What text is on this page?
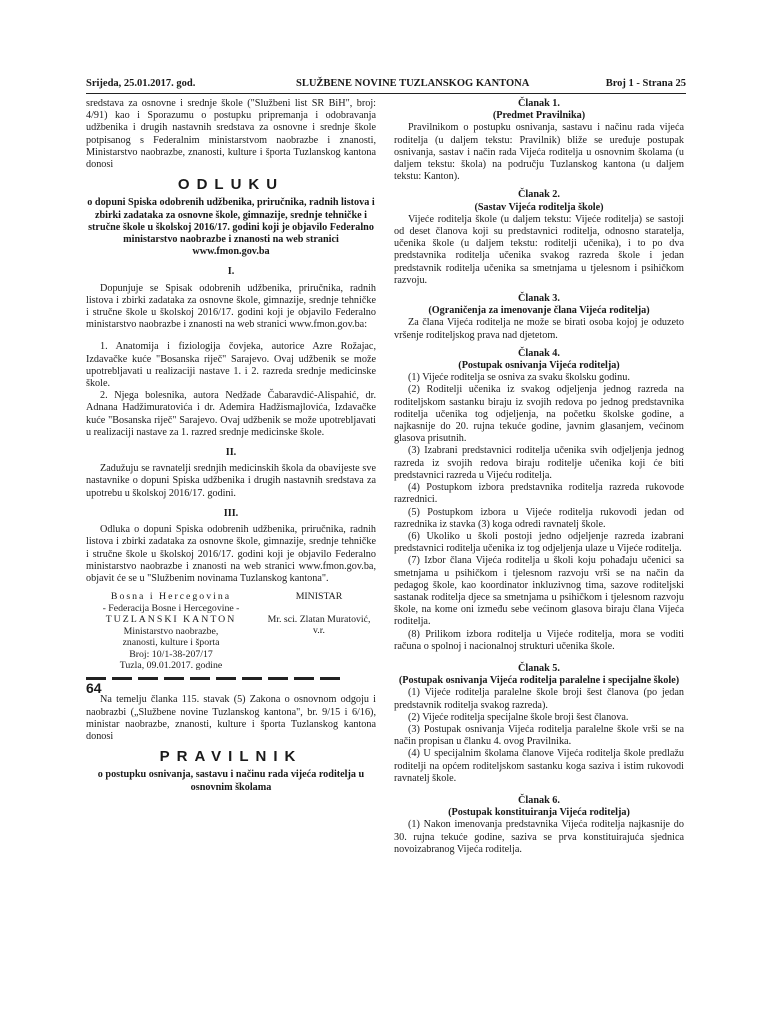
Srijeda, 25.01.2017. god.	SLUŽBENE NOVINE TUZLANSKOG KANTONA	Broj 1 - Strana 25

sredstava za osnovne i srednje škole ("Službeni list SR BiH", broj: 4/91) kao i Sporazumu o postupku pripremanja i odobravanja udžbenika i drugih nastavnih sredstava za osnovne i srednje škole potpisanog s Federalnim ministarstvom naobrazbe i znanosti, Ministarstvo naobrazbe, znanosti, kulture i športa Tuzlanskog kantona donosi

ODLUKU

o dopuni Spiska odobrenih udžbenika, priručnika, radnih listova i zbirki zadataka za osnovne škole, gimnazije, srednje tehničke i stručne škole u školskoj 2016/17. godini koji je objavilo Federalno ministarstvo naobrazbe i znanosti na web stranici www.fmon.gov.ba

I.

Dopunjuje se Spisak odobrenih udžbenika, priručnika, radnih listova i zbirki zadataka za osnovne škole, gimnazije, srednje tehničke i stručne škole u školskoj 2016/17. godini koji je objavilo Federalno ministarstvo naobrazbe i znanosti na web stranici www.fmon.gov.ba:

1. Anatomija i fiziologija čovjeka, autorice Azre Rožajac, Izdavačke kuće "Bosanska riječ" Sarajevo. Ovaj udžbenik se može upotrebljavati u realizaciji nastave 1. i 2. razreda srednje medicinske škole.

2. Njega bolesnika, autora Nedžade Čabaravdić-Alispahić, dr. Adnana Hadžimuratovića i dr. Ademira Hadžismajlovića, Izdavačke kuće "Bosanska riječ" Sarajevo. Ovaj udžbenik se može upotrebljavati u realizaciji nastave za 1. razred srednje medicinske škole.

II.

Zadužuju se ravnatelji srednjih medicinskih škola da obavijeste sve nastavnike o dopuni Spiska udžbenika i drugih nastavnih sredstava za upotrebu u školskoj 2016/17. godini.

III.

Odluka o dopuni Spiska odobrenih udžbenika, priručnika, radnih listova i zbirki zadataka za osnovne škole, gimnazije, srednje tehničke i stručne škole u školskoj 2016/17. godini koji je objavilo Federalno ministarstvo naobrazbe i znanosti na web stranici www.fmon.gov.ba, objavit će se u "Službenim novinama Tuzlanskog kantona".

Bosna i Hercegovina
- Federacija Bosne i Hercegovine -
TUZLANSKI KANTON
Ministarstvo naobrazbe,
znanosti, kulture i športa
Broj: 10/1-38-207/17
Tuzla, 09.01.2017. godine
MINISTAR
Mr. sci. Zlatan Muratović, v.r.
64

Na temelju članka 115. stavak (5) Zakona o osnovnom odgoju i naobrazbi („Službene novine Tuzlanskog kantona", br. 9/15 i 6/16), ministar naobrazbe, znanosti, kulture i športa Tuzlanskog kantona donosi

PRAVILNIK

o postupku osnivanja, sastavu i načinu rada vijeća roditelja u osnovnim školama

Članak 1.

(Predmet Pravilnika)

Pravilnikom o postupku osnivanja, sastavu i načinu rada vijeća roditelja (u daljem tekstu: Pravilnik) bliže se uređuje postupak osnivanja, sastav i način rada Vijeća roditelja u osnovnim školama (u daljem tekstu: škola) na području Tuzlanskog kantona (u daljem tekstu: Kanton).

Članak 2.

(Sastav Vijeća roditelja škole)

Vijeće roditelja škole (u daljem tekstu: Vijeće roditelja) se sastoji od deset članova koji su predstavnici roditelja, odnosno staratelja, učenika škole (u daljem tekstu: roditelji učenika), i to po dva predstavnika roditelja učenika svakog razreda škole i jedan predstavnik roditelja učenika sa smetnjama u tjelesnom i psihičkom razvoju.

Članak 3.

(Ograničenja za imenovanje člana Vijeća roditelja)

Za člana Vijeća roditelja ne može se birati osoba kojoj je oduzeto vršenje roditeljskog prava nad djetetom.

Članak 4.

(Postupak osnivanja Vijeća roditelja)

(1) Vijeće roditelja se osniva za svaku školsku godinu.

(2) Roditelji učenika iz svakog odjeljenja jednog razreda na roditeljskom sastanku biraju iz svojih redova po jednog predstavnika roditelja učenika tog odjeljenja, na početku školske godine, a najkasnije do 20. rujna tekuće godine, javnim glasanjem, većinom glasova prisutnih.

(3) Izabrani predstavnici roditelja učenika svih odjeljenja jednog razreda iz svojih redova biraju roditelje učenika koji će biti predstavnici razreda u Vijeću roditelja.

(4) Postupkom izbora predstavnika roditelja razreda rukovode razrednici.

(5) Postupkom izbora u Vijeće roditelja rukovodi jedan od razrednika iz stavka (3) koga odredi ravnatelj škole.

(6) Ukoliko u školi postoji jedno odjeljenje razreda izabrani predstavnici roditelja učenika iz tog odjeljenja ulaze u Vijeće roditelja.

(7) Izbor člana Vijeća roditelja u školi koju pohađaju učenici sa smetnjama u psihičkom i tjelesnom razvoju vrši se na način da pedagog škole, kao koordinator inkluzivnog tima, sazove roditeljski sastanak roditelja djece sa smetnjama u psihičkom i tjelesnom razvoju škole, na kome oni između sebe većinom glasova biraju člana Vijeća roditelja.

(8) Prilikom izbora roditelja u Vijeće roditelja, mora se voditi računa o spolnoj i nacionalnoj strukturi učenika škole.

Članak 5.

(Postupak osnivanja Vijeća roditelja paralelne i specijalne škole)

(1) Vijeće roditelja paralelne škole broji šest članova (po jedan predstavnik roditelja svakog razreda).

(2) Vijeće roditelja specijalne škole broji šest članova.

(3) Postupak osnivanja Vijeća roditelja paralelne škole vrši se na način propisan u članku 4. ovog Pravilnika.

(4) U specijalnim školama članove Vijeća roditelja škole predlažu roditelji na općem roditeljskom sastanku koga saziva i istim rukovodi ravnatelj škole.

Članak 6.

(Postupak konstituiranja Vijeća roditelja)

(1) Nakon imenovanja predstavnika Vijeća roditelja najkasnije do 30. rujna tekuće godine, saziva se prva konstituirajuća sjednica novoizabranog Vijeća roditelja.
